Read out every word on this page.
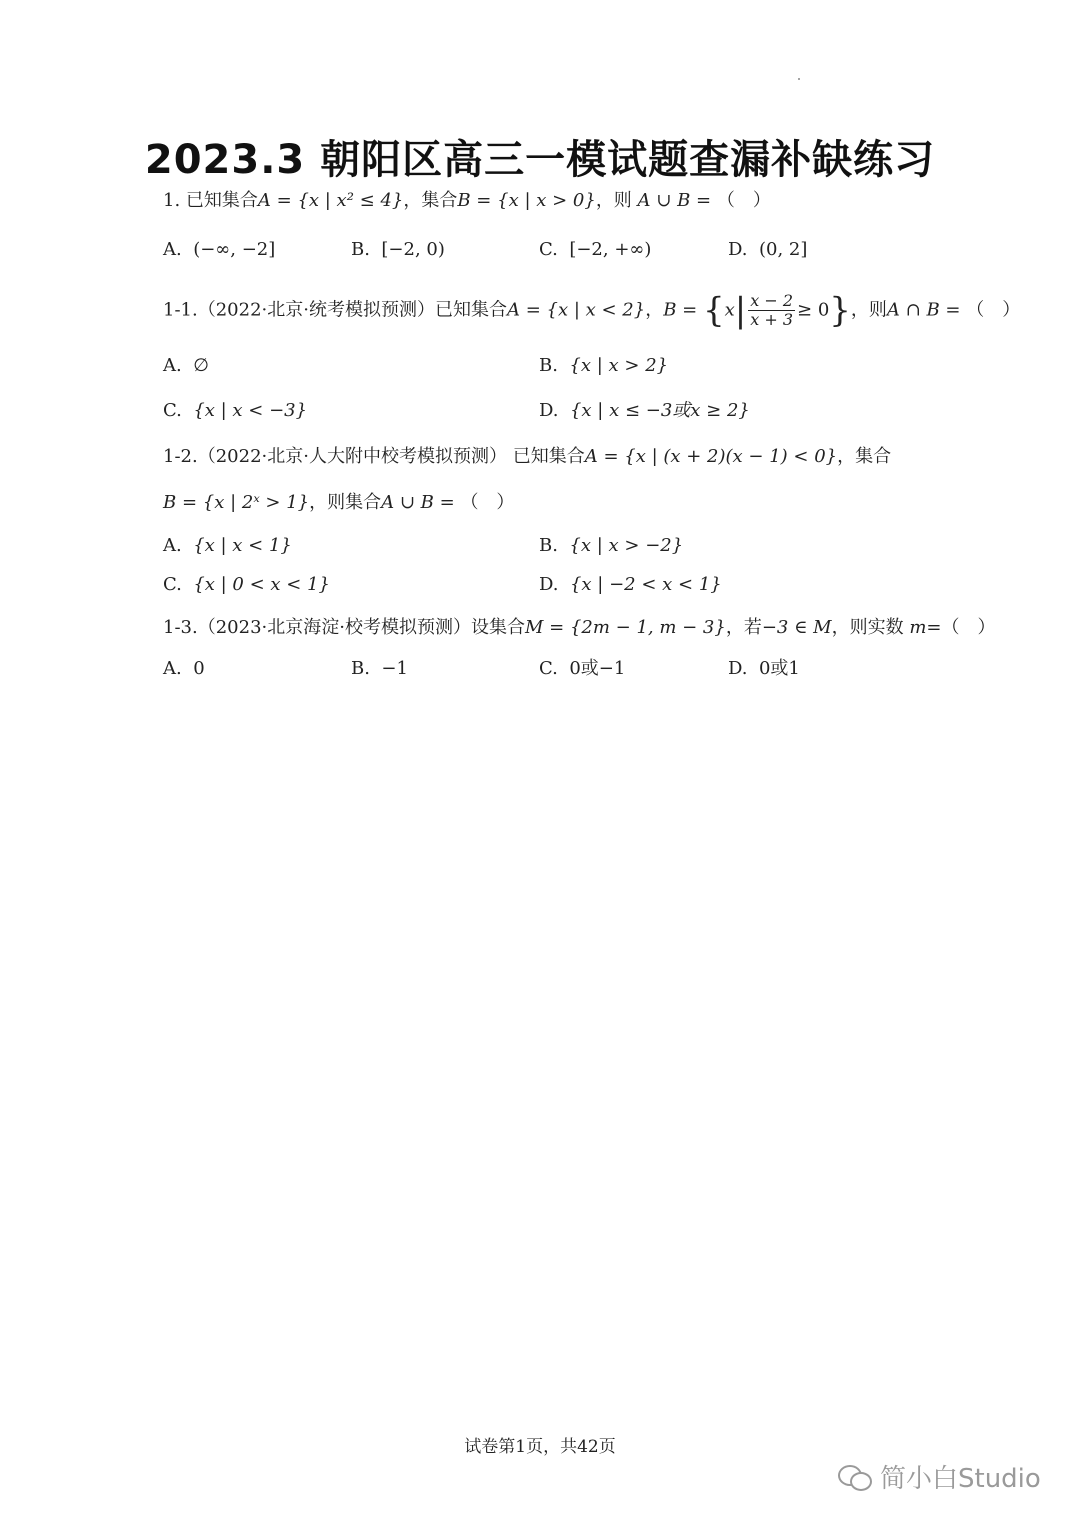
2023.3 朝阳区高三一模试题查漏补缺练习
1. 已知集合A = {x | x² ≤ 4}，集合B = {x | x > 0}，则 A ∪ B = （　）
A. (−∞, −2]	B. [−2, 0)	C. [−2, +∞)	D. (0, 2]
1-1.（2022·北京·统考模拟预测）已知集合A = {x | x < 2}，$B = \{x| \frac{x - 2}{x + 3} \ge 0\}$，则A ∩ B = （　）
A. ∅	B. {x | x > 2}
C. {x | x < −3}	D. {x | x ≤ −3或x ≥ 2}
1-2.（2022·北京·人大附中校考模拟预测） 已知集合A = {x | (x + 2)(x − 1) < 0}，集合
B = {x | 2ˣ > 1}，则集合A ∪ B = （　）
A. {x | x < 1}	B. {x | x > −2}
C. {x | 0 < x < 1}	D. {x | −2 < x < 1}
1-3.（2023·北京海淀·校考模拟预测）设集合M = {2m − 1, m − 3}，若−3 ∈ M，则实数 m=（　）
A. 0	B. −1	C. 0或−1	D. 0或1
试卷第1页，共42页
简小白Studio
